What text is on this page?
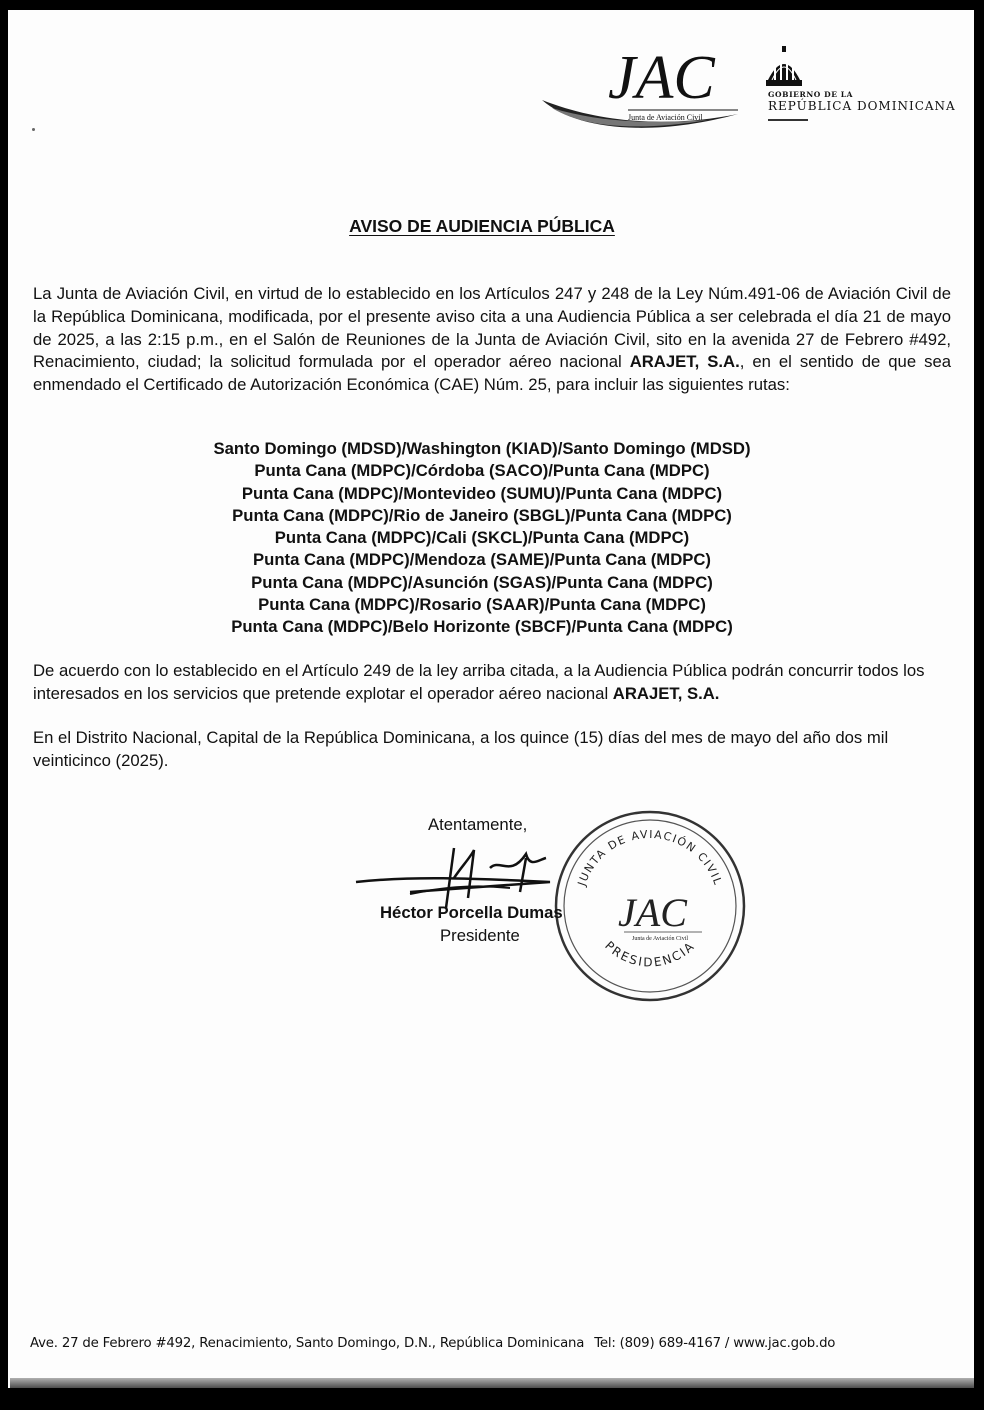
JAC
Junta de Aviación Civil
GOBIERNO DE LA
REPÚBLICA DOMINICANA
AVISO DE AUDIENCIA PÚBLICA
La Junta de Aviación Civil, en virtud de lo establecido en los Artículos 247 y 248 de la Ley Núm.491-06 de Aviación Civil de la República Dominicana, modificada, por el presente aviso cita a una Audiencia Pública a ser celebrada el día 21 de mayo de 2025, a las 2:15 p.m., en el Salón de Reuniones de la Junta de Aviación Civil, sito en la avenida 27 de Febrero #492, Renacimiento, ciudad; la solicitud formulada por el operador aéreo nacional ARAJET, S.A., en el sentido de que sea enmendado el Certificado de Autorización Económica (CAE) Núm. 25, para incluir las siguientes rutas:
Santo Domingo (MDSD)/Washington (KIAD)/Santo Domingo (MDSD)
Punta Cana (MDPC)/Córdoba (SACO)/Punta Cana (MDPC)
Punta Cana (MDPC)/Montevideo (SUMU)/Punta Cana (MDPC)
Punta Cana (MDPC)/Rio de Janeiro (SBGL)/Punta Cana (MDPC)
Punta Cana (MDPC)/Cali (SKCL)/Punta Cana (MDPC)
Punta Cana (MDPC)/Mendoza (SAME)/Punta Cana (MDPC)
Punta Cana (MDPC)/Asunción (SGAS)/Punta Cana (MDPC)
Punta Cana (MDPC)/Rosario (SAAR)/Punta Cana (MDPC)
Punta Cana (MDPC)/Belo Horizonte (SBCF)/Punta Cana (MDPC)
De acuerdo con lo establecido en el Artículo 249 de la ley arriba citada, a la Audiencia Pública podrán concurrir todos los interesados en los servicios que pretende explotar el operador aéreo nacional ARAJET, S.A.
En el Distrito Nacional, Capital de la República Dominicana, a los quince (15) días del mes de mayo del año dos mil veinticinco (2025).
Atentamente,
JUNTA DE AVIACIÓN CIVIL
PRESIDENCIA
JAC
Junta de Aviación Civil
Héctor Porcella Dumas
Presidente
Ave. 27 de Febrero #492, Renacimiento, Santo Domingo, D.N., República Dominicana Tel: (809) 689-4167 / www.jac.gob.do
